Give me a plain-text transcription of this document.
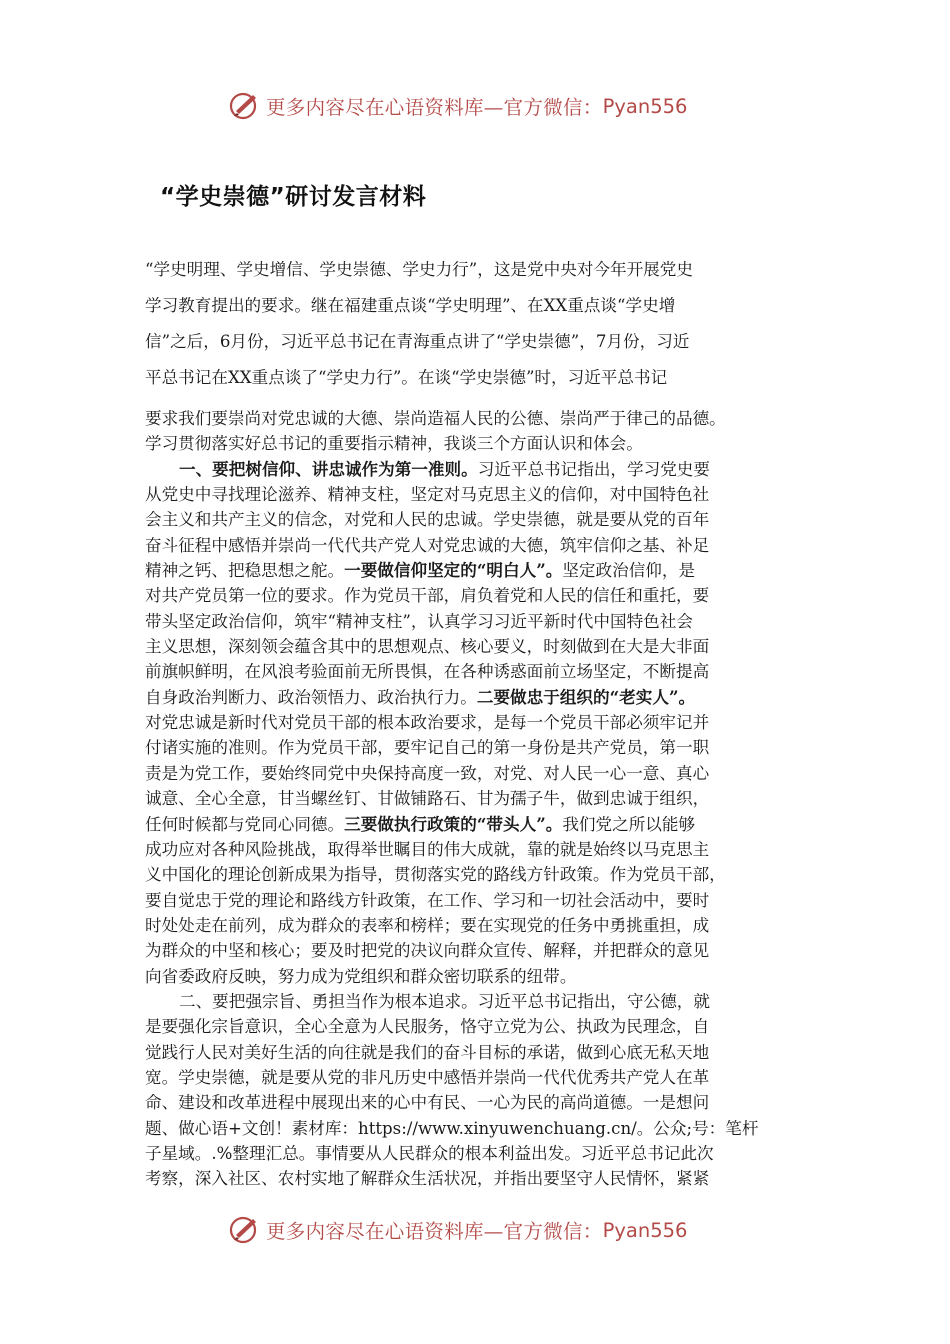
更多内容尽在心语资料库—官方微信： Pyan556
“学史崇德”研讨发言材料
“学史明理、学史增信、学史崇德、学史力行”，这是党中央对今年开展党史
学习教育提出的要求。继在福建重点谈“学史明理”、在XX重点谈“学史增
信”之后，6月份，习近平总书记在青海重点讲了“学史崇德”，7月份，习近
平总书记在XX重点谈了“学史力行”。在谈“学史崇德”时，习近平总书记
要求我们要崇尚对党忠诚的大德、崇尚造福人民的公德、崇尚严于律己的品德。
学习贯彻落实好总书记的重要指示精神，我谈三个方面认识和体会。
一、要把树信仰、讲忠诚作为第一准则。习近平总书记指出，学习党史要
从党史中寻找理论滋养、精神支柱，坚定对马克思主义的信仰，对中国特色社
会主义和共产主义的信念，对党和人民的忠诚。学史崇德，就是要从党的百年
奋斗征程中感悟并崇尚一代代共产党人对党忠诚的大德，筑牢信仰之基、补足
精神之钙、把稳思想之舵。一要做信仰坚定的“明白人”。坚定政治信仰，是
对共产党员第一位的要求。作为党员干部，肩负着党和人民的信任和重托，要
带头坚定政治信仰，筑牢“精神支柱”，认真学习习近平新时代中国特色社会
主义思想，深刻领会蕴含其中的思想观点、核心要义，时刻做到在大是大非面
前旗帜鲜明，在风浪考验面前无所畏惧，在各种诱惑面前立场坚定，不断提高
自身政治判断力、政治领悟力、政治执行力。二要做忠于组织的“老实人”。
对党忠诚是新时代对党员干部的根本政治要求，是每一个党员干部必须牢记并
付诸实施的准则。作为党员干部，要牢记自己的第一身份是共产党员，第一职
责是为党工作，要始终同党中央保持高度一致，对党、对人民一心一意、真心
诚意、全心全意，甘当螺丝钉、甘做铺路石、甘为孺子牛，做到忠诚于组织，
任何时候都与党同心同德。三要做执行政策的“带头人”。我们党之所以能够
成功应对各种风险挑战，取得举世瞩目的伟大成就，靠的就是始终以马克思主
义中国化的理论创新成果为指导，贯彻落实党的路线方针政策。作为党员干部，
要自觉忠于党的理论和路线方针政策，在工作、学习和一切社会活动中，要时
时处处走在前列，成为群众的表率和榜样；要在实现党的任务中勇挑重担，成
为群众的中坚和核心；要及时把党的决议向群众宣传、解释，并把群众的意见
向省委政府反映，努力成为党组织和群众密切联系的纽带。
二、要把强宗旨、勇担当作为根本追求。习近平总书记指出，守公德，就
是要强化宗旨意识，全心全意为人民服务，恪守立党为公、执政为民理念，自
觉践行人民对美好生活的向往就是我们的奋斗目标的承诺，做到心底无私天地
宽。学史崇德，就是要从党的非凡历史中感悟并崇尚一代代优秀共产党人在革
命、建设和改革进程中展现出来的心中有民、一心为民的高尚道德。一是想问
题、做心语+文创！素材库：https://www.xinyuwenchuang.cn/。公众;号：笔杆
子星域。.%整理汇总。事情要从人民群众的根本利益出发。习近平总书记此次
考察，深入社区、农村实地了解群众生活状况，并指出要坚守人民情怀，紧紧
更多内容尽在心语资料库—官方微信： Pyan556
